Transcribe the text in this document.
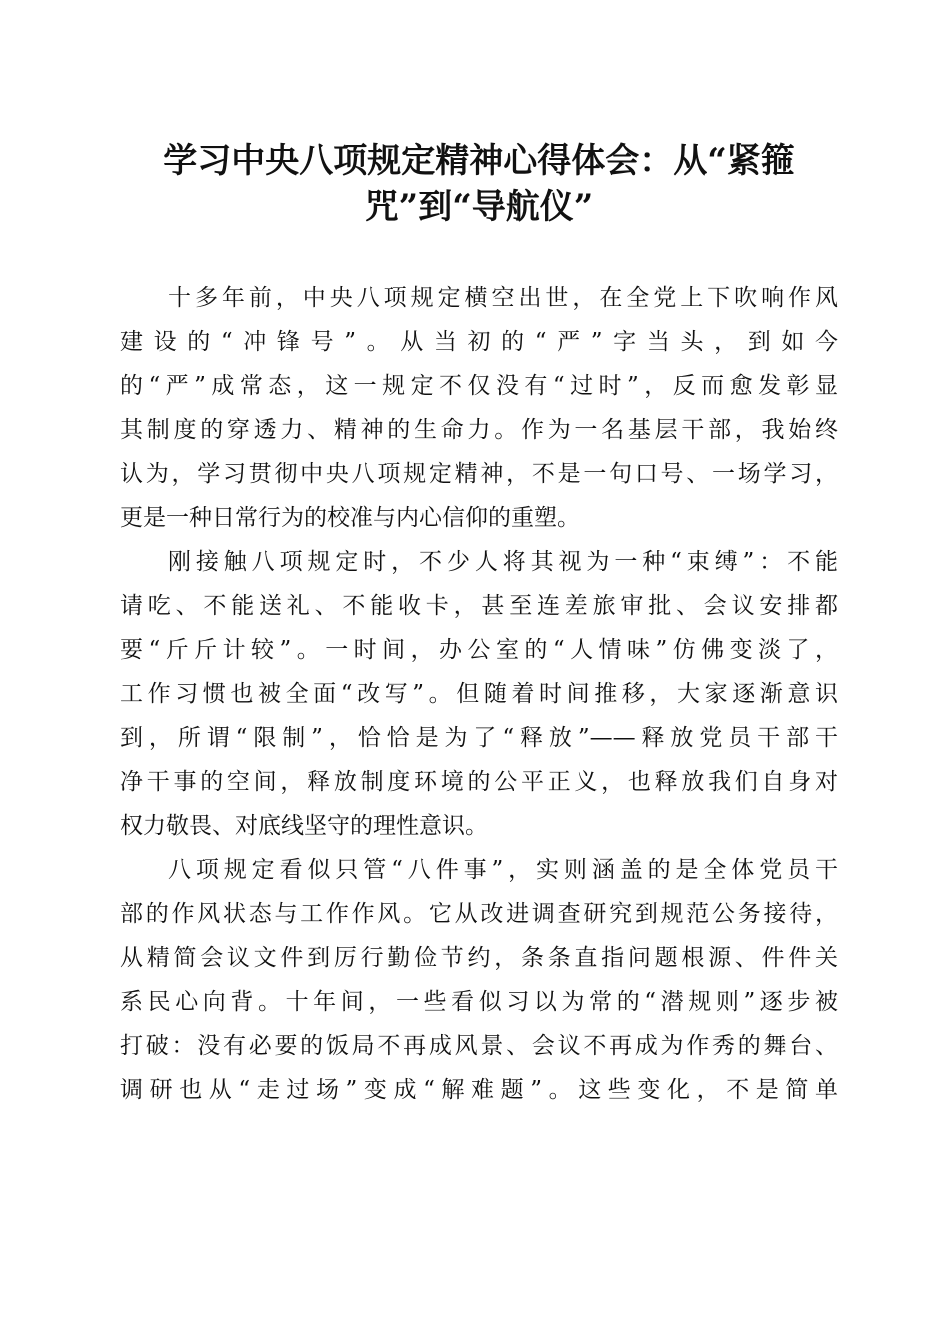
学习中央八项规定精神心得体会：从“紧箍
咒”到“导航仪”
十多年前，中央八项规定横空出世，在全党上下吹响作风
建设的“冲锋号”。从当初的“严”字当头，到如今
的“严”成常态，这一规定不仅没有“过时”，反而愈发彰显
其制度的穿透力、精神的生命力。作为一名基层干部，我始终
认为，学习贯彻中央八项规定精神，不是一句口号、一场学习，
更是一种日常行为的校准与内心信仰的重塑。
刚接触八项规定时，不少人将其视为一种“束缚”：不能
请吃、不能送礼、不能收卡，甚至连差旅审批、会议安排都
要“斤斤计较”。一时间，办公室的“人情味”仿佛变淡了，
工作习惯也被全面“改写”。但随着时间推移，大家逐渐意识
到，所谓“限制”，恰恰是为了“释放”——释放党员干部干
净干事的空间，释放制度环境的公平正义，也释放我们自身对
权力敬畏、对底线坚守的理性意识。
八项规定看似只管“八件事”，实则涵盖的是全体党员干
部的作风状态与工作作风。它从改进调查研究到规范公务接待，
从精简会议文件到厉行勤俭节约，条条直指问题根源、件件关
系民心向背。十年间，一些看似习以为常的“潜规则”逐步被
打破：没有必要的饭局不再成风景、会议不再成为作秀的舞台、
调研也从“走过场”变成“解难题”。这些变化，不是简单
